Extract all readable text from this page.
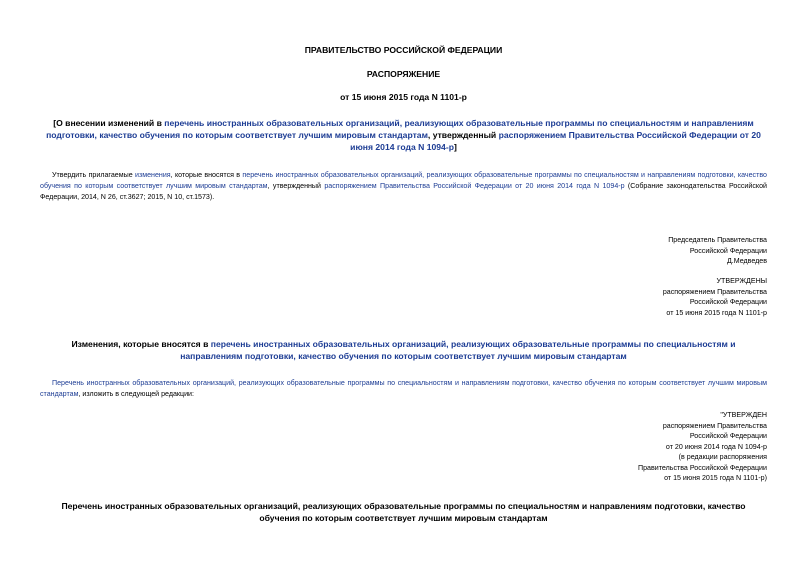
ПРАВИТЕЛЬСТВО РОССИЙСКОЙ ФЕДЕРАЦИИ
РАСПОРЯЖЕНИЕ
от 15 июня 2015 года N 1101-р
[О внесении изменений в перечень иностранных образовательных организаций, реализующих образовательные программы по специальностям и направлениям подготовки, качество обучения по которым соответствует лучшим мировым стандартам, утвержденный распоряжением Правительства Российской Федерации от 20 июня 2014 года N 1094-р]
Утвердить прилагаемые изменения, которые вносятся в перечень иностранных образовательных организаций, реализующих образовательные программы по специальностям и направлениям подготовки, качество обучения по которым соответствует лучшим мировым стандартам, утвержденный распоряжением Правительства Российской Федерации от 20 июня 2014 года N 1094-р (Собрание законодательства Российской Федерации, 2014, N 26, ст.3627; 2015, N 10, ст.1573).
Председатель Правительства
Российской Федерации
Д.Медведев
УТВЕРЖДЕНЫ
распоряжением Правительства
Российской Федерации
от 15 июня 2015 года N 1101-р
Изменения, которые вносятся в перечень иностранных образовательных организаций, реализующих образовательные программы по специальностям и направлениям подготовки, качество обучения по которым соответствует лучшим мировым стандартам
Перечень иностранных образовательных организаций, реализующих образовательные программы по специальностям и направлениям подготовки, качество обучения по которым соответствует лучшим мировым стандартам, изложить в следующей редакции:
"УТВЕРЖДЕН
распоряжением Правительства
Российской Федерации
от 20 июня 2014 года N 1094-р
(в редакции распоряжения
Правительства Российской Федерации
от 15 июня 2015 года N 1101-р)
Перечень иностранных образовательных организаций, реализующих образовательные программы по специальностям и направлениям подготовки, качество обучения по которым соответствует лучшим мировым стандартам
